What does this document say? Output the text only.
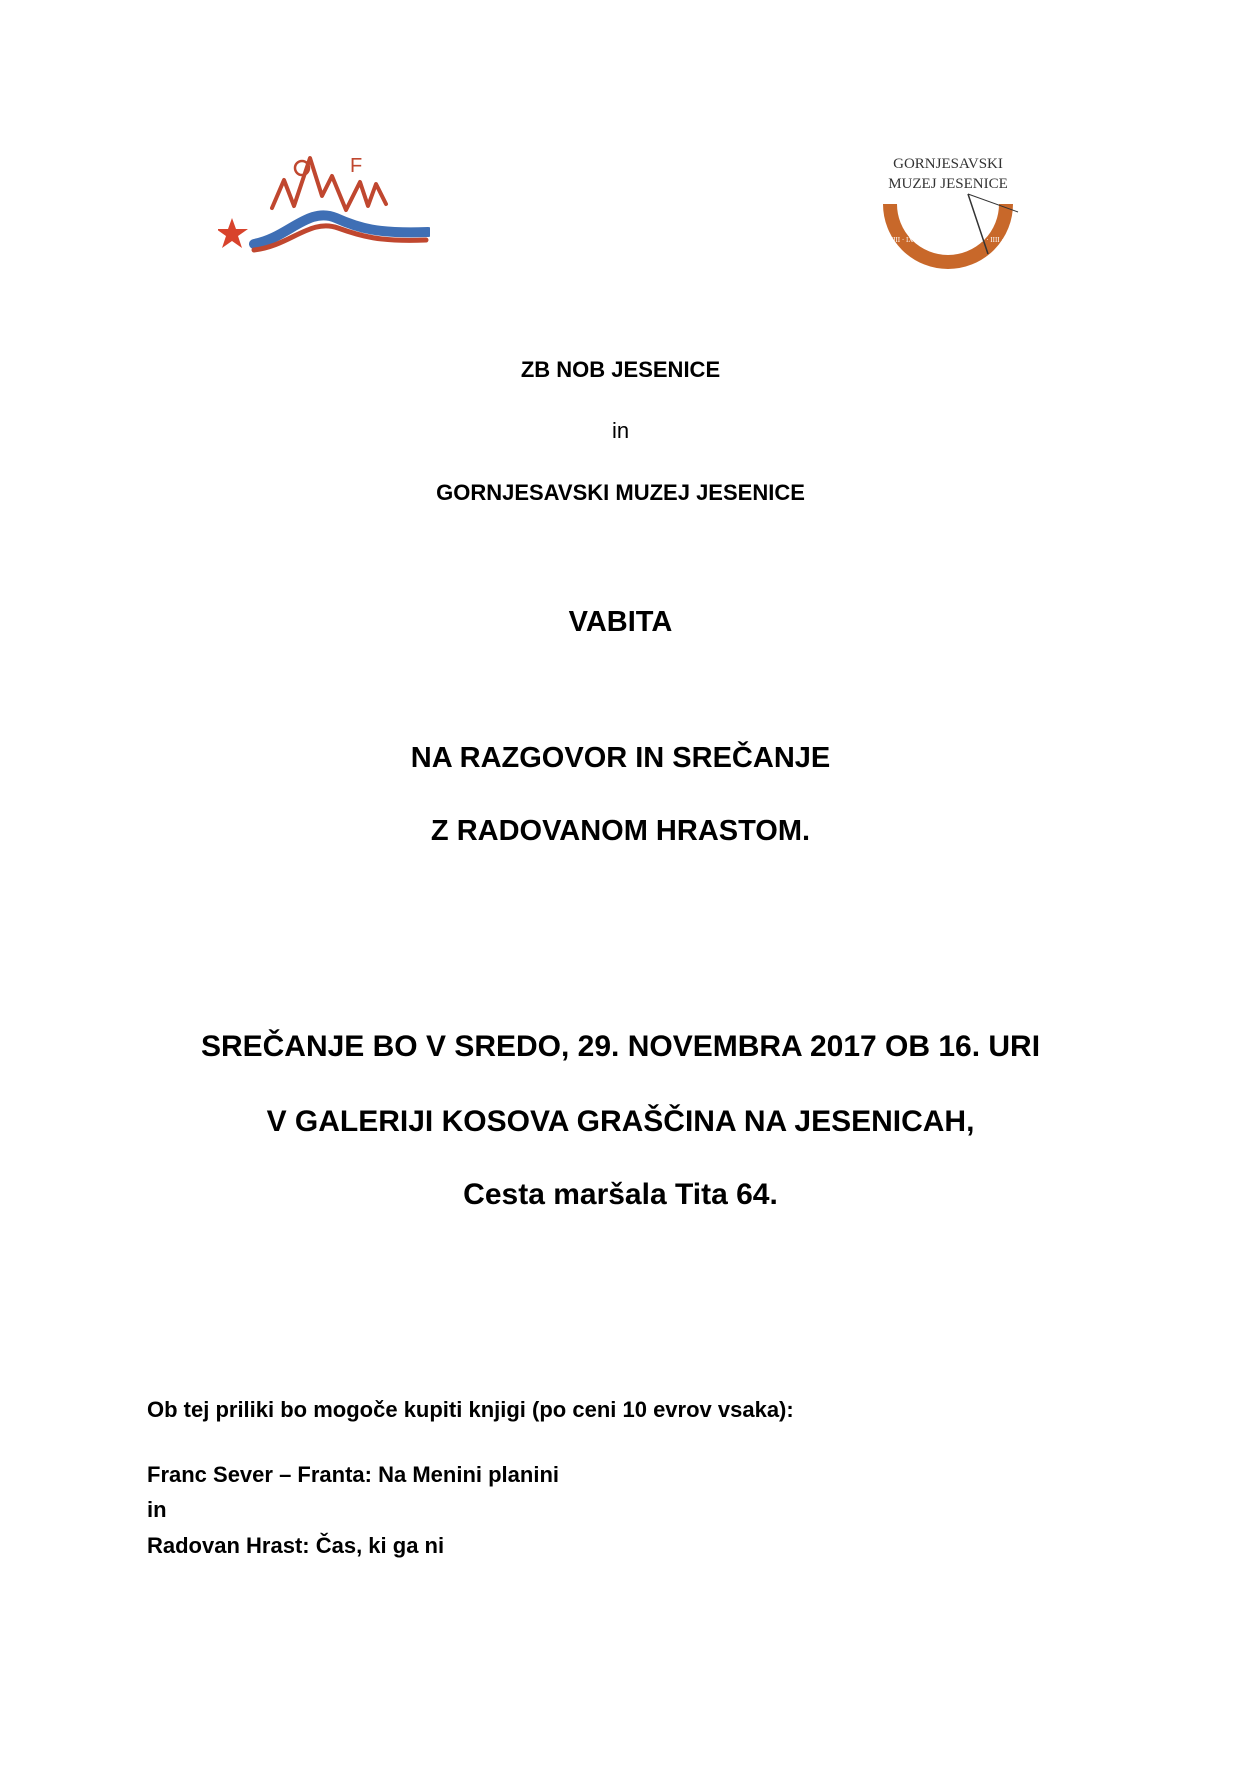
F	GORNJESAVSKI
MUZEJ JESENICE
VII · VIII · IX · X · XI · XII · I · II · III · IIII · V · VI
ZB NOB JESENICE
in
GORNJESAVSKI MUZEJ JESENICE
VABITA
NA RAZGOVOR IN SREČANJE
Z RADOVANOM HRASTOM.
SREČANJE BO V SREDO, 29. NOVEMBRA 2017 OB 16. URI
V GALERIJI KOSOVA GRAŠČINA NA JESENICAH,
Cesta maršala Tita 64.
Ob tej priliki bo mogoče kupiti knjigi (po ceni 10 evrov vsaka):
Franc Sever – Franta: Na Menini planini
in
Radovan Hrast: Čas, ki ga ni
